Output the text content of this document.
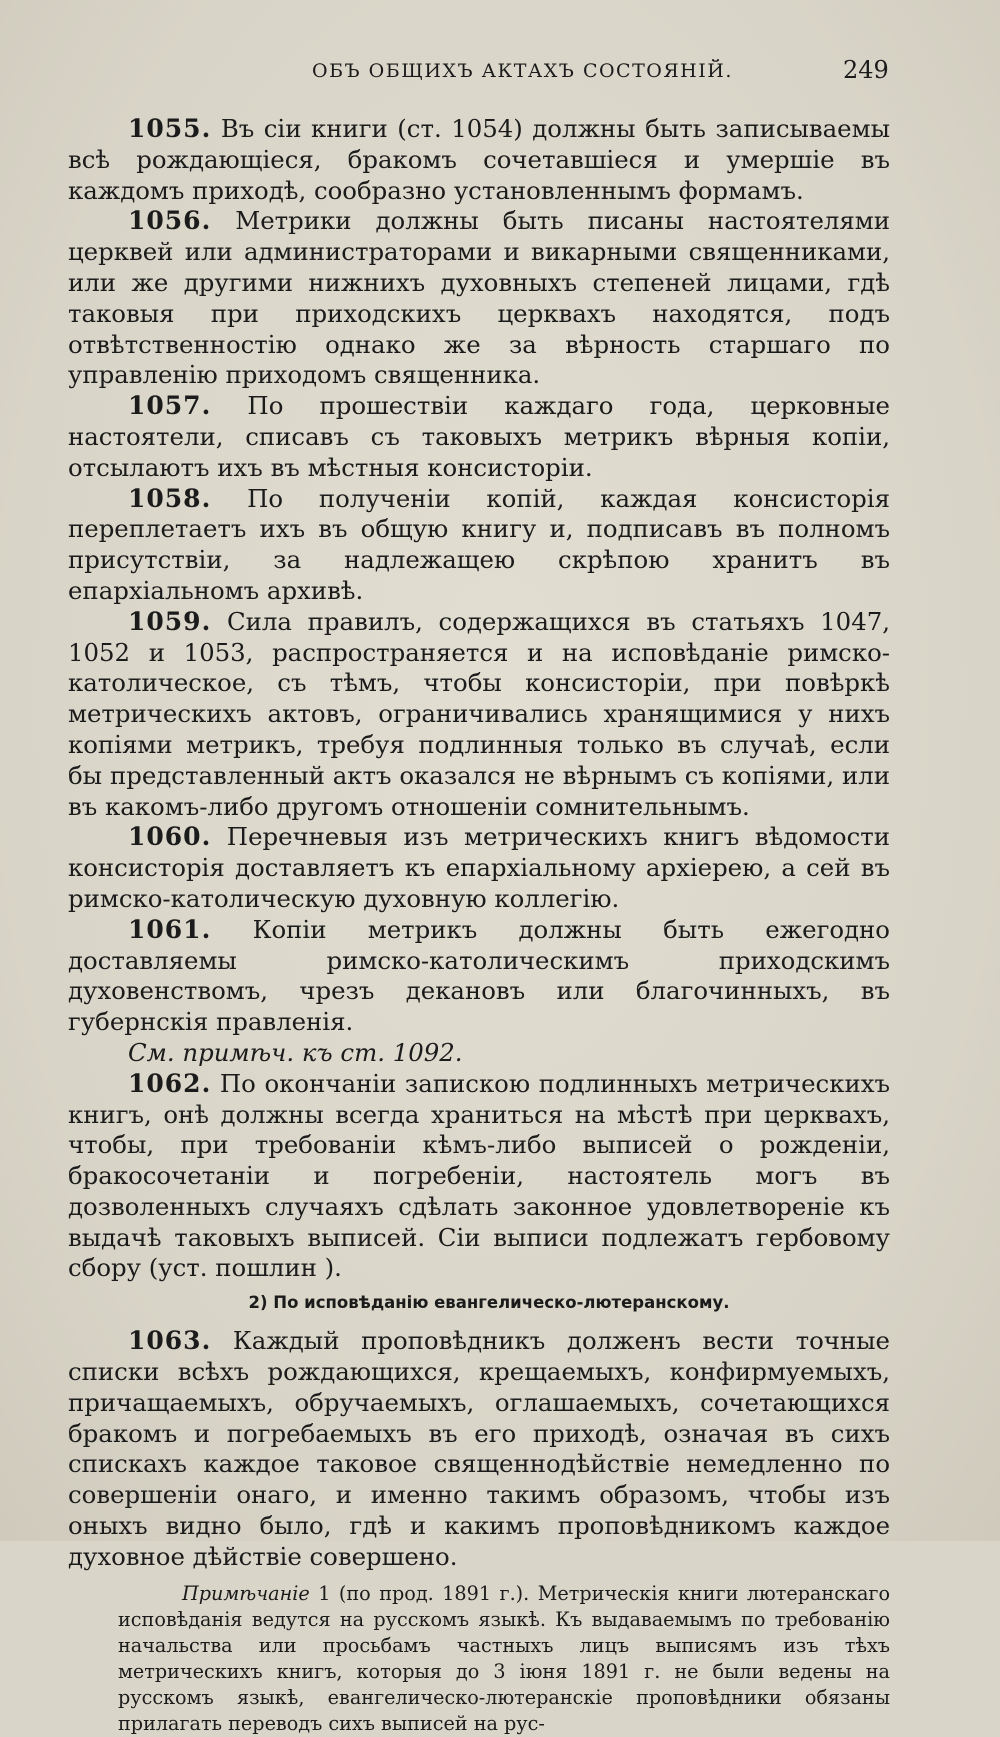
ОБЪ ОБЩИХЪ АКТАХЪ СОСТОЯНІЙ.	249

1055. Въ сіи книги (ст. 1054) должны быть записываемы всѣ рождающіеся, бракомъ сочетавшіеся и умершіе въ каждомъ приходѣ, сообразно установленнымъ формамъ.

1056. Метрики должны быть писаны настоятелями церквей или администраторами и викарными священниками, или же другими нижнихъ духовныхъ степеней лицами, гдѣ таковыя при приходскихъ церквахъ находятся, подъ отвѣтственностію однако же за вѣрность старшаго по управленію приходомъ священника.

1057. По прошествіи каждаго года, церковные настоятели, списавъ съ таковыхъ метрикъ вѣрныя копіи, отсылаютъ ихъ въ мѣстныя консисторіи.

1058. По полученіи копій, каждая консисторія переплетаетъ ихъ въ общую книгу и, подписавъ въ полномъ присутствіи, за надлежащею скрѣпою хранитъ въ епархіальномъ архивѣ.

1059. Сила правилъ, содержащихся въ статьяхъ 1047, 1052 и 1053, распространяется и на исповѣданіе римско-католическое, съ тѣмъ, чтобы консисторіи, при повѣркѣ метрическихъ актовъ, ограничивались хранящимися у нихъ копіями метрикъ, требуя подлинныя только въ случаѣ, если бы представленный актъ оказался не вѣрнымъ съ копіями, или въ какомъ-либо другомъ отношеніи сомнительнымъ.

1060. Перечневыя изъ метрическихъ книгъ вѣдомости консисторія доставляетъ къ епархіальному архіерею, а сей въ римско-католическую духовную коллегію.

1061. Копіи метрикъ должны быть ежегодно доставляемы римско-католическимъ приходскимъ духовенствомъ, чрезъ декановъ или благочинныхъ, въ губернскія правленія.

См. примѣч. къ ст. 1092.

1062. По окончаніи запискою подлинныхъ метрическихъ книгъ, онѣ должны всегда храниться на мѣстѣ при церквахъ, чтобы, при требованіи кѣмъ-либо выписей о рожденіи, бракосочетаніи и погребеніи, настоятель могъ въ дозволенныхъ случаяхъ сдѣлать законное удовлетвореніе къ выдачѣ таковыхъ выписей. Сіи выписи подлежатъ гербовому сбору (уст. пошлин ).

2) По исповѣданію евангелическо-лютеранскому.

1063. Каждый проповѣдникъ долженъ вести точные списки всѣхъ рождающихся, крещаемыхъ, конфирмуемыхъ, причащаемыхъ, обручаемыхъ, оглашаемыхъ, сочетающихся бракомъ и погребаемыхъ въ его приходѣ, означая въ сихъ спискахъ каждое таковое священнодѣйствіе немедленно по совершеніи онаго, и именно такимъ образомъ, чтобы изъ оныхъ видно было, гдѣ и какимъ проповѣдникомъ каждое духовное дѣйствіе совершено.

Примѣчаніе 1 (по прод. 1891 г.). Метрическія книги лютеранскаго исповѣданія ведутся на русскомъ языкѣ. Къ выдаваемымъ по требованію начальства или просьбамъ частныхъ лицъ выписямъ изъ тѣхъ метрическихъ книгъ, которыя до 3 іюня 1891 г. не были ведены на русскомъ языкѣ, евангелическо-лютеранскіе проповѣдники обязаны прилагать переводъ сихъ выписей на рус-
